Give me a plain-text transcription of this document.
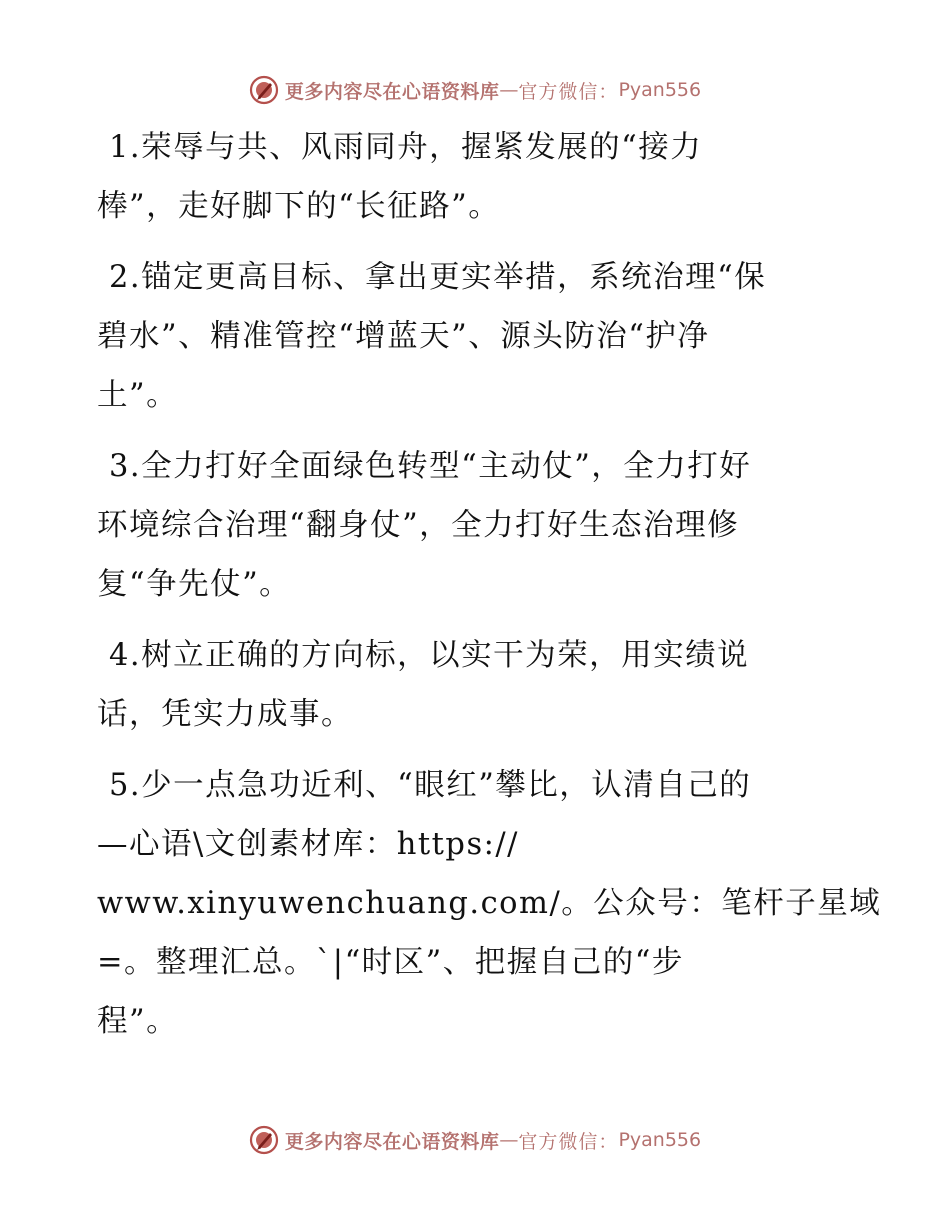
更多内容尽在心语资料库 — 官方微信： Pyan556
1.荣辱与共、风雨同舟，握紧发展的“接力
棒”，走好脚下的“长征路”。
2.锚定更高目标、拿出更实举措，系统治理“保
碧水”、精准管控“增蓝天”、源头防治“护净
土”。
3.全力打好全面绿色转型“主动仗”，全力打好
环境综合治理“翻身仗”，全力打好生态治理修
复“争先仗”。
4.树立正确的方向标，以实干为荣，用实绩说
话，凭实力成事。
5.少一点急功近利、“眼红”攀比，认清自己的
—心语\文创素材库：https://
www.xinyuwenchuang.com/。公众号：笔杆子星域
=。整理汇总。`|“时区”、把握自己的“步
程”。
更多内容尽在心语资料库 — 官方微信： Pyan556
